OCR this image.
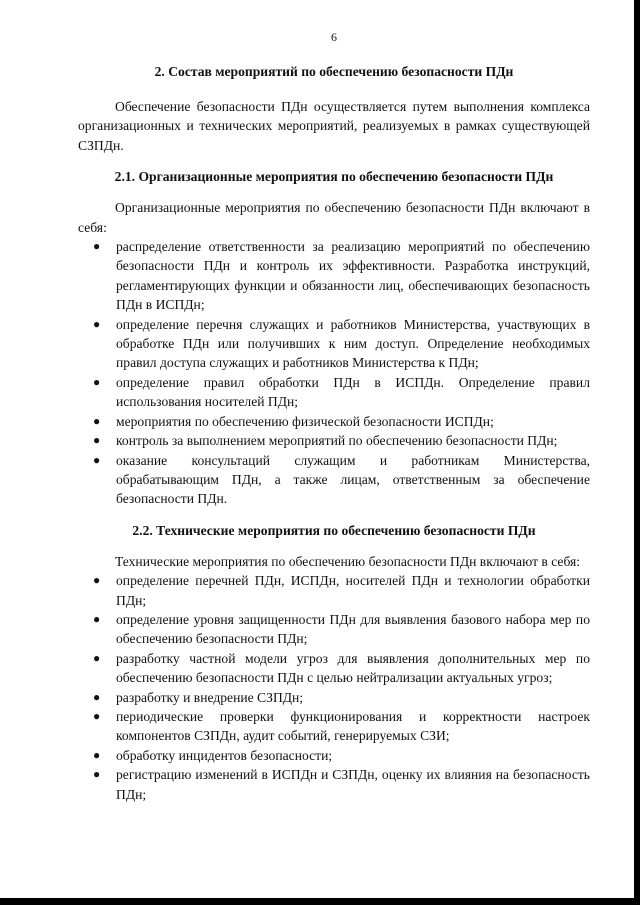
6
2. Состав мероприятий по обеспечению безопасности ПДн

Обеспечение безопасности ПДн осуществляется путем выполнения комплекса организационных и технических мероприятий, реализуемых в рамках существующей СЗПДн.

2.1. Организационные мероприятия по обеспечению безопасности ПДн

Организационные мероприятия по обеспечению безопасности ПДн включают в себя:

● распределение ответственности за реализацию мероприятий по обеспечению безопасности ПДн и контроль их эффективности. Разработка инструкций, регламентирующих функции и обязанности лиц, обеспечивающих безопасность ПДн в ИСПДн;
● определение перечня служащих и работников Министерства, участвующих в обработке ПДн или получивших к ним доступ. Определение необходимых правил доступа служащих и работников Министерства к ПДн;
● определение правил обработки ПДн в ИСПДн. Определение правил использования носителей ПДн;
● мероприятия по обеспечению физической безопасности ИСПДн;
● контроль за выполнением мероприятий по обеспечению безопасности ПДн;
● оказание консультаций служащим и работникам Министерства, обрабатывающим ПДн, а также лицам, ответственным за обеспечение безопасности ПДн.
2.2. Технические мероприятия по обеспечению безопасности ПДн

Технические мероприятия по обеспечению безопасности ПДн включают в себя:

● определение перечней ПДн, ИСПДн, носителей ПДн и технологии обработки ПДн;
● определение уровня защищенности ПДн для выявления базового набора мер по обеспечению безопасности ПДн;
● разработку частной модели угроз для выявления дополнительных мер по обеспечению безопасности ПДн с целью нейтрализации актуальных угроз;
● разработку и внедрение СЗПДн;
● периодические проверки функционирования и корректности настроек компонентов СЗПДн, аудит событий, генерируемых СЗИ;
● обработку инцидентов безопасности;
● регистрацию изменений в ИСПДн и СЗПДн, оценку их влияния на безопасность ПДн;
